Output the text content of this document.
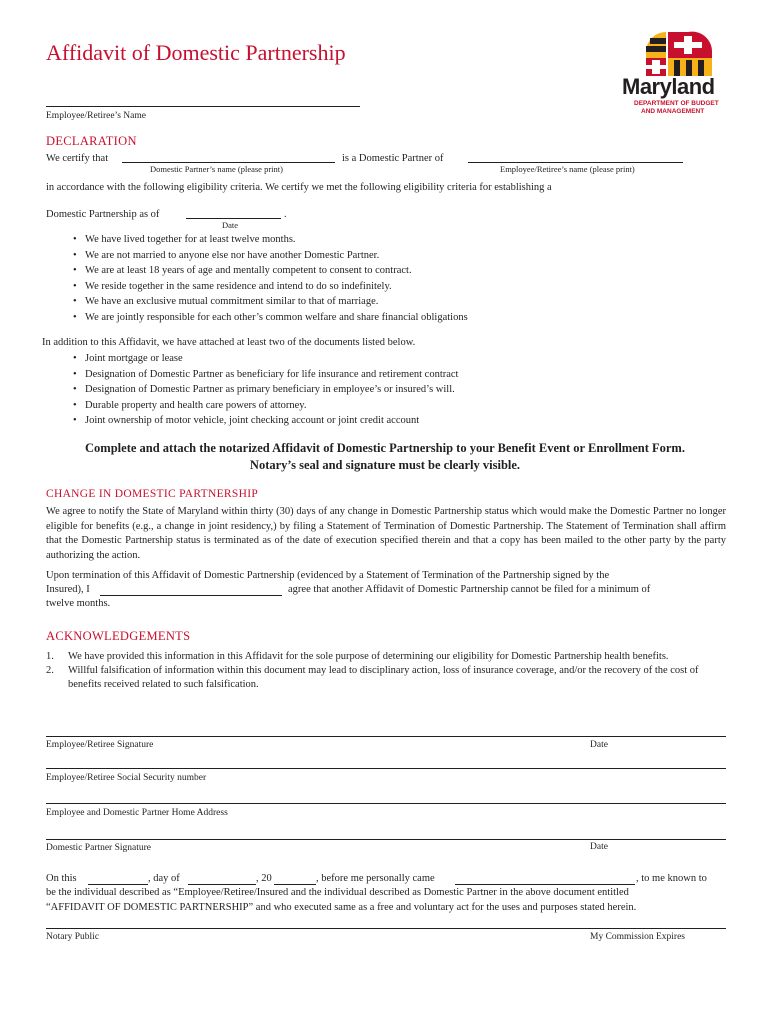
Affidavit of Domestic Partnership
Maryland
DEPARTMENT OF BUDGET
AND MANAGEMENT
Employee/Retiree’s Name
DECLARATION
We certify that
Domestic Partner’s name (please print)
is a Domestic Partner of
Employee/Retiree’s name (please print)
in accordance with the following eligibility criteria. We certify we met the following eligibility criteria for establishing a
Domestic Partnership as of	.
Date
• We have lived together for at least twelve months.
• We are not married to anyone else nor have another Domestic Partner.
• We are at least 18 years of age and mentally competent to consent to contract.
• We reside together in the same residence and intend to do so indefinitely.
• We have an exclusive mutual commitment similar to that of marriage.
• We are jointly responsible for each other’s common welfare and share financial obligations
In addition to this Affidavit, we have attached at least two of the documents listed below.
• Joint mortgage or lease
• Designation of Domestic Partner as beneficiary for life insurance and retirement contract
• Designation of Domestic Partner as primary beneficiary in employee’s or insured’s will.
• Durable property and health care powers of attorney.
• Joint ownership of motor vehicle, joint checking account or joint credit account
Complete and attach the notarized Affidavit of Domestic Partnership to your Benefit Event or Enrollment Form.
Notary’s seal and signature must be clearly visible.
CHANGE IN DOMESTIC PARTNERSHIP
We agree to notify the State of Maryland within thirty (30) days of any change in Domestic Partnership status which would make the Domestic Partner no longer eligible for benefits (e.g., a change in joint residency,) by filing a Statement of Termination of Domestic Partnership. The Statement of Termination shall affirm that the Domestic Partnership status is terminated as of the date of execution specified therein and that a copy has been mailed to the other party by the party authorizing the action.
Upon termination of this Affidavit of Domestic Partnership (evidenced by a Statement of Termination of the Partnership signed by the
Insured), I	agree that another Affidavit of Domestic Partnership cannot be filed for a minimum of
twelve months.
ACKNOWLEDGEMENTS
1. We have provided this information in this Affidavit for the sole purpose of determining our eligibility for Domestic Partnership health benefits.
2. Willful falsification of information within this document may lead to disciplinary action, loss of insurance coverage, and/or the recovery of the cost of benefits received related to such falsification.
Employee/Retiree Signature	Date
Employee/Retiree Social Security number
Employee and Domestic Partner Home Address
Domestic Partner Signature	Date
On this	, day of	, 20	, before me personally came	, to me known to
be the individual described as “Employee/Retiree/Insured and the individual described as Domestic Partner in the above document entitled
“AFFIDAVIT OF DOMESTIC PARTNERSHIP” and who executed same as a free and voluntary act for the uses and purposes stated herein.
Notary Public	My Commission Expires
